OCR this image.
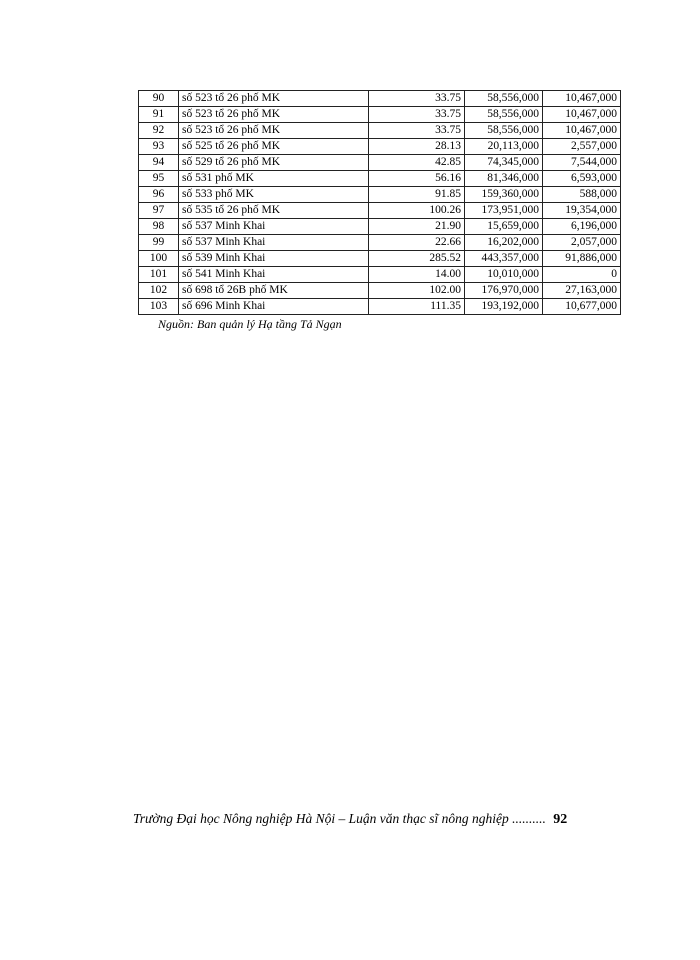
90	số 523 tổ 26 phố MK	33.75	58,556,000	10,467,000
91	số 523 tổ 26 phố MK	33.75	58,556,000	10,467,000
92	số 523 tổ 26 phố MK	33.75	58,556,000	10,467,000
93	số 525 tổ 26 phố MK	28.13	20,113,000	2,557,000
94	số 529 tổ 26 phố MK	42.85	74,345,000	7,544,000
95	số 531 phố MK	56.16	81,346,000	6,593,000
96	số 533 phố MK	91.85	159,360,000	588,000
97	số 535 tổ 26 phố MK	100.26	173,951,000	19,354,000
98	số 537 Minh Khai	21.90	15,659,000	6,196,000
99	số 537 Minh Khai	22.66	16,202,000	2,057,000
100	số 539 Minh Khai	285.52	443,357,000	91,886,000
101	số 541 Minh Khai	14.00	10,010,000	0
102	số 698 tổ 26B phố MK	102.00	176,970,000	27,163,000
103	số 696 Minh Khai	111.35	193,192,000	10,677,000
Nguồn: Ban quản lý Hạ tầng Tả Ngạn
Trường Đại học Nông nghiệp Hà Nội – Luận văn thạc sĩ nông nghiệp .......... 92
